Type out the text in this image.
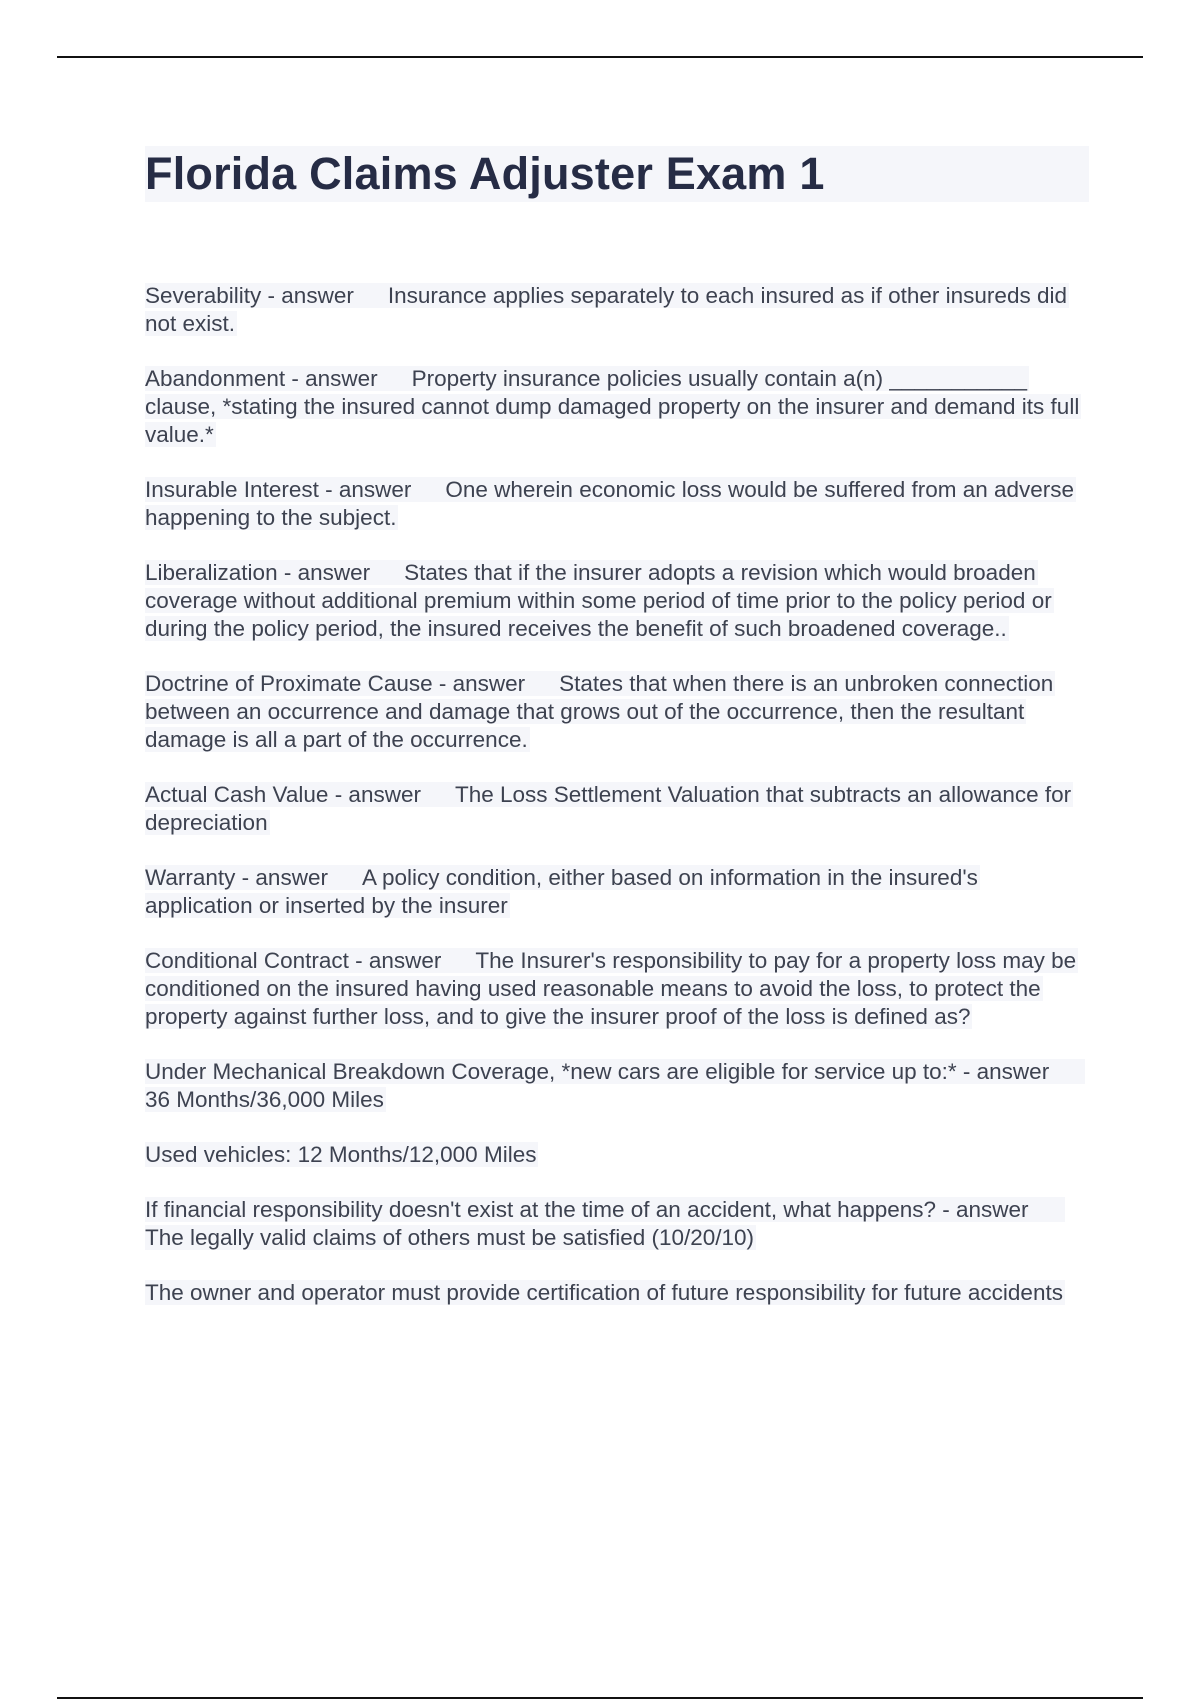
Florida Claims Adjuster Exam 1

Severability - answer Insurance applies separately to each insured as if other insureds did not exist.

Abandonment - answer Property insurance policies usually contain a(n) ___________ clause, *stating the insured cannot dump damaged property on the insurer and demand its full value.*

Insurable Interest - answer One wherein economic loss would be suffered from an adverse happening to the subject.

Liberalization - answer States that if the insurer adopts a revision which would broaden coverage without additional premium within some period of time prior to the policy period or during the policy period, the insured receives the benefit of such broadened coverage..

Doctrine of Proximate Cause - answer States that when there is an unbroken connection between an occurrence and damage that grows out of the occurrence, then the resultant damage is all a part of the occurrence.

Actual Cash Value - answer The Loss Settlement Valuation that subtracts an allowance for depreciation

Warranty - answer A policy condition, either based on information in the insured's application or inserted by the insurer

Conditional Contract - answer The Insurer's responsibility to pay for a property loss may be conditioned on the insured having used reasonable means to avoid the loss, to protect the property against further loss, and to give the insurer proof of the loss is defined as?

Under Mechanical Breakdown Coverage, *new cars are eligible for service up to:* - answer36 Months/36,000 Miles

Used vehicles: 12 Months/12,000 Miles

If financial responsibility doesn't exist at the time of an accident, what happens? - answerThe legally valid claims of others must be satisfied (10/20/10)

The owner and operator must provide certification of future responsibility for future accidents
